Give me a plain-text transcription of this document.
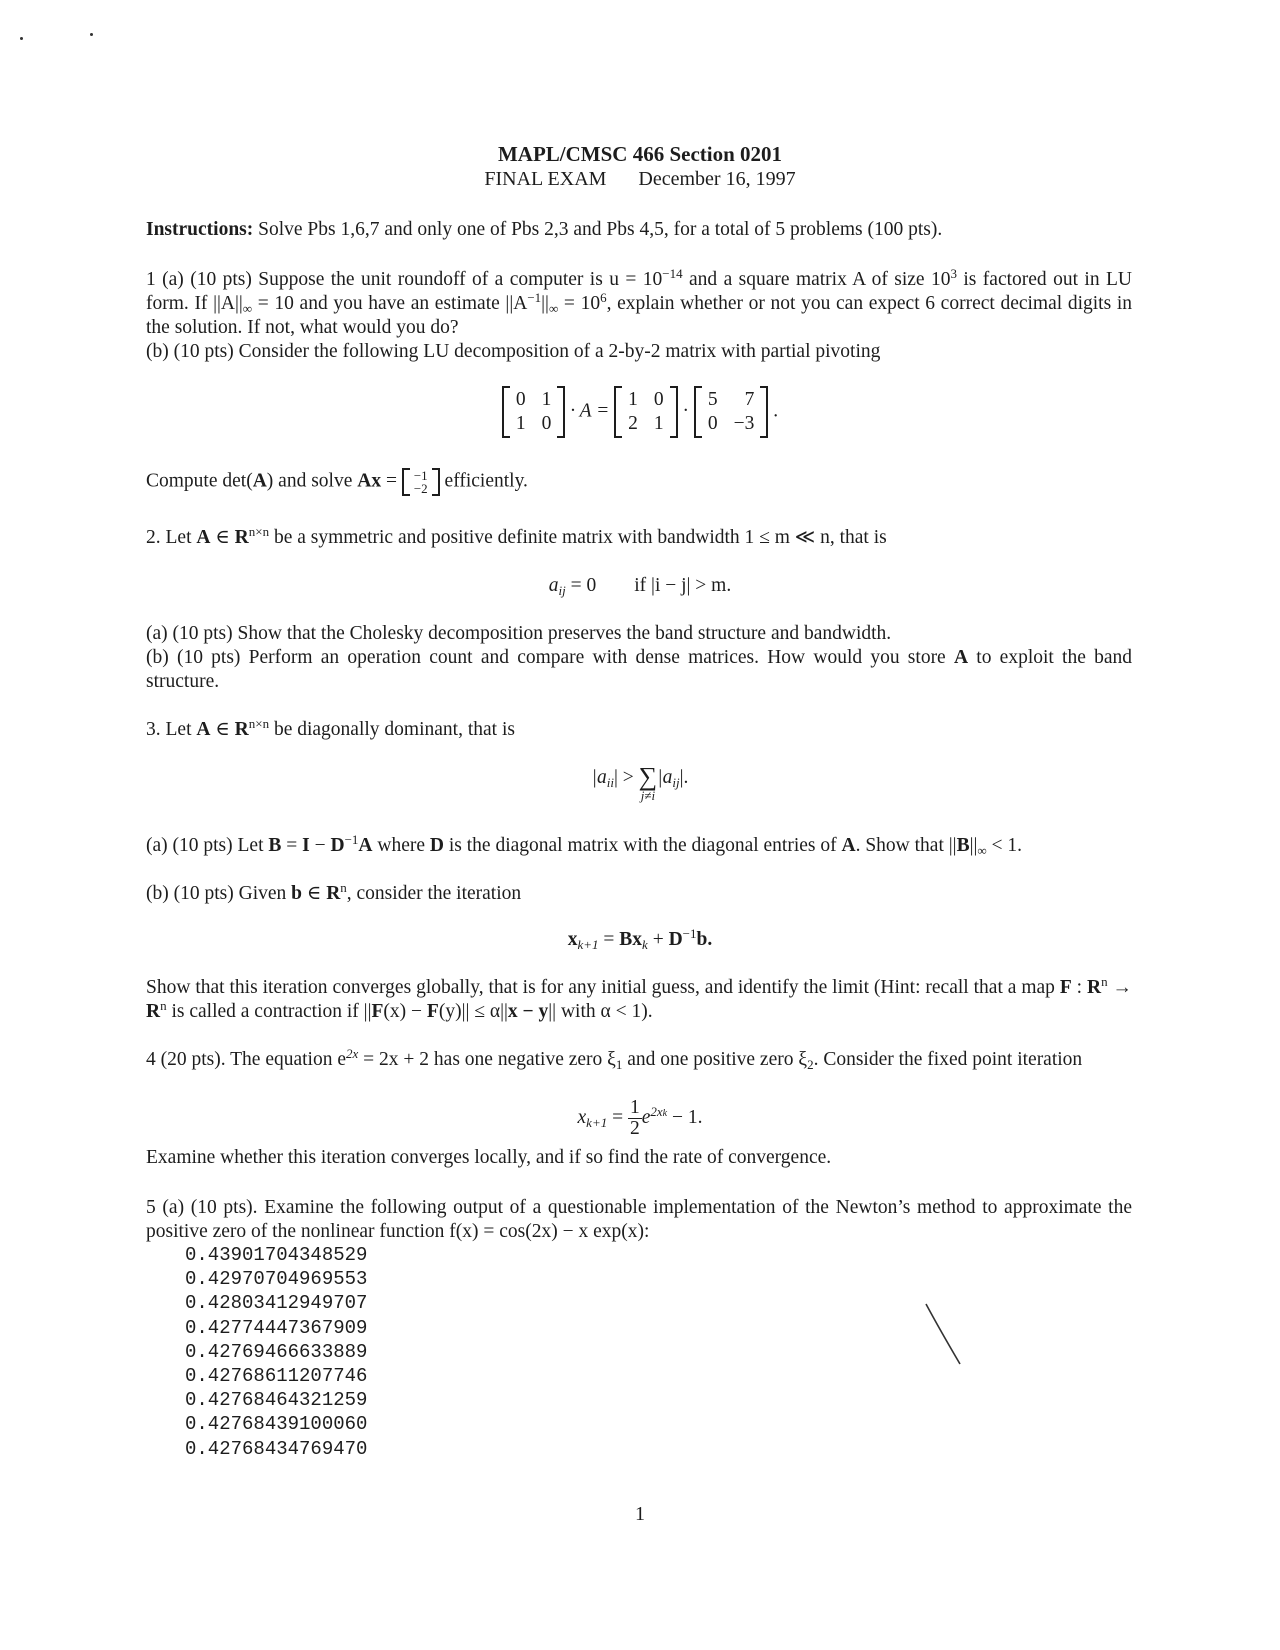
MAPL/CMSC 466 Section 0201
FINAL EXAM December 16, 1997
Instructions: Solve Pbs 1,6,7 and only one of Pbs 2,3 and Pbs 4,5, for a total of 5 problems (100 pts).
1 (a) (10 pts) Suppose the unit roundoff of a computer is $u = 10^{-14}$ and a square matrix A of size $10^3$ is factored out in LU form. If $||A||_\infty = 10$ and you have an estimate $||A^{-1}||_\infty = 10^6$, explain whether or not you can expect 6 correct decimal digits in the solution. If not, what would you do?
(b) (10 pts) Consider the following LU decomposition of a 2-by-2 matrix with partial pivoting
0 1
1 0
· A =
1 0
2 1
·
5	7
0 −3
.
Compute det(A) and solve Ax = −1
−2 efficiently.
2. Let A ∈ $R^{n\times n}$ be a symmetric and positive definite matrix with bandwidth 1 ≤ m ≪ n, that is
$a_{ij} = 0$ if |i − j| > m.
(a) (10 pts) Show that the Cholesky decomposition preserves the band structure and bandwidth.
(b) (10 pts) Perform an operation count and compare with dense matrices. How would you store A to exploit the band structure.
3. Let A ∈ $R^{n\times n}$ be diagonally dominant, that is
$|a_{ii}|$ > ∑
j≠i
$|a_{ij}|$.
(a) (10 pts) Let $B = I - D^{-1}A$ where D is the diagonal matrix with the diagonal entries of A. Show that $||B||_\infty < 1$.
(b) (10 pts) Given b ∈ $R^n$, consider the iteration
$x_{k+1} = Bx_k + D^{-1}b$.
Show that this iteration converges globally, that is for any initial guess, and identify the limit (Hint: recall that a map F : $R^n \to R^n$ is called a contraction if ||F(x) − F(y)|| ≤ α||x − y|| with α < 1).
4 (20 pts). The equation $e^{2x} = 2x + 2$ has one negative zero $\xi_1$ and one positive zero $\xi_2$. Consider the fixed point iteration
$x_{k+1} = \frac{1}{2} e^{2xk} - 1$.
Examine whether this iteration converges locally, and if so find the rate of convergence.
5 (a) (10 pts). Examine the following output of a questionable implementation of the Newton’s method to approximate the positive zero of the nonlinear function f(x) = cos(2x) − x exp(x):
0.43901704348529
0.42970704969553
0.42803412949707
0.42774447367909
0.42769466633889
0.42768611207746
0.42768464321259
0.42768439100060
0.42768434769470
1
